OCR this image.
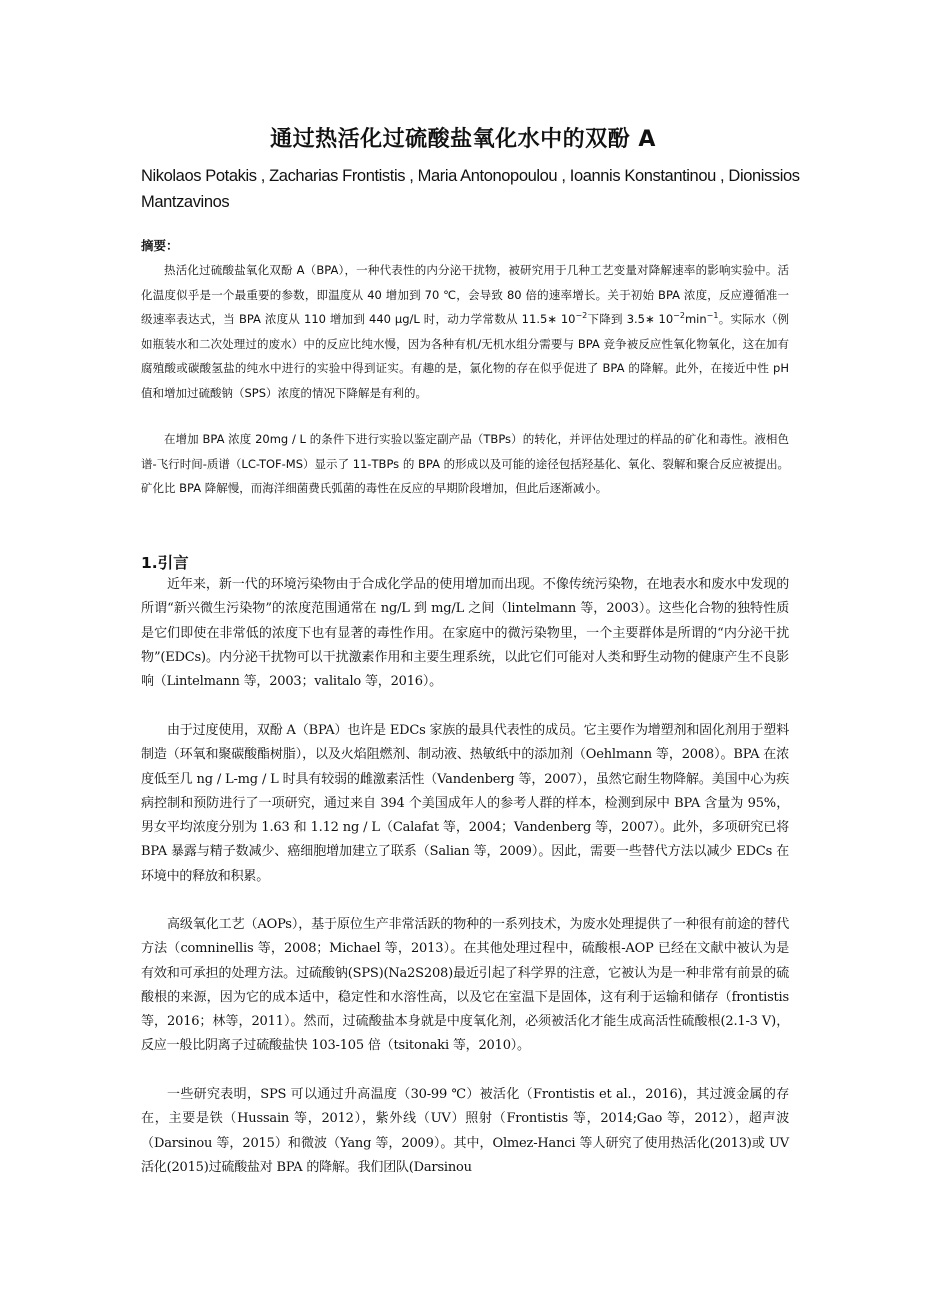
通过热活化过硫酸盐氧化水中的双酚 A
Nikolaos Potakis , Zacharias Frontistis , Maria Antonopoulou , Ioannis Konstantinou , Dionissios Mantzavinos
摘要：

热活化过硫酸盐氧化双酚 A（BPA），一种代表性的内分泌干扰物，被研究用于几种工艺变量对降解速率的影响实验中。活化温度似乎是一个最重要的参数，即温度从 40 增加到 70 ℃，会导致 80 倍的速率增长。关于初始 BPA 浓度，反应遵循准一级速率表达式，当 BPA 浓度从 110 增加到 440 μg/L 时，动力学常数从 11.5∗ $10^{-2}$下降到 3.5∗ $10^{-2}\min^{-1}$。实际水（例如瓶装水和二次处理过的废水）中的反应比纯水慢，因为各种有机/无机水组分需要与 BPA 竞争被反应性氧化物氧化，这在加有腐殖酸或碳酸氢盐的纯水中进行的实验中得到证实。有趣的是，氯化物的存在似乎促进了 BPA 的降解。此外，在接近中性 pH 值和增加过硫酸钠（SPS）浓度的情况下降解是有利的。

在增加 BPA 浓度 20mg / L 的条件下进行实验以鉴定副产品（TBPs）的转化，并评估处理过的样品的矿化和毒性。液相色谱-飞行时间-质谱（LC-TOF-MS）显示了 11-TBPs 的 BPA 的形成以及可能的途径包括羟基化、氧化、裂解和聚合反应被提出。矿化比 BPA 降解慢，而海洋细菌费氏弧菌的毒性在反应的早期阶段增加，但此后逐渐减小。

1.引言

近年来，新一代的环境污染物由于合成化学品的使用增加而出现。不像传统污染物，在地表水和废水中发现的所谓“新兴微生污染物”的浓度范围通常在 ng/L 到 mg/L 之间（lintelmann 等，2003）。这些化合物的独特性质是它们即使在非常低的浓度下也有显著的毒性作用。在家庭中的微污染物里，一个主要群体是所谓的“内分泌干扰物”(EDCs)。内分泌干扰物可以干扰激素作用和主要生理系统，以此它们可能对人类和野生动物的健康产生不良影响（Lintelmann 等，2003；valitalo 等，2016）。

由于过度使用，双酚 A（BPA）也许是 EDCs 家族的最具代表性的成员。它主要作为增塑剂和固化剂用于塑料制造（环氧和聚碳酸酯树脂），以及火焰阻燃剂、制动液、热敏纸中的添加剂（Oehlmann 等，2008）。BPA 在浓度低至几 ng / L-mg / L 时具有较弱的雌激素活性（Vandenberg 等，2007），虽然它耐生物降解。美国中心为疾病控制和预防进行了一项研究，通过来自 394 个美国成年人的参考人群的样本，检测到尿中 BPA 含量为 95%，男女平均浓度分别为 1.63 和 1.12 ng / L（Calafat 等，2004；Vandenberg 等，2007）。此外，多项研究已将 BPA 暴露与精子数减少、癌细胞增加建立了联系（Salian 等，2009）。因此，需要一些替代方法以减少 EDCs 在环境中的释放和积累。

高级氧化工艺（AOPs），基于原位生产非常活跃的物种的一系列技术，为废水处理提供了一种很有前途的替代方法（comninellis 等，2008；Michael 等，2013）。在其他处理过程中，硫酸根-AOP 已经在文献中被认为是有效和可承担的处理方法。过硫酸钠(SPS)(Na2S208)最近引起了科学界的注意，它被认为是一种非常有前景的硫酸根的来源，因为它的成本适中，稳定性和水溶性高，以及它在室温下是固体，这有利于运输和储存（frontistis 等，2016；林等，2011）。然而，过硫酸盐本身就是中度氧化剂，必须被活化才能生成高活性硫酸根(2.1-3 V)，反应一般比阴离子过硫酸盐快 103-105 倍（tsitonaki 等，2010）。

一些研究表明，SPS 可以通过升高温度（30-99 ℃）被活化（Frontistis et al.，2016)，其过渡金属的存在，主要是铁（Hussain 等，2012），紫外线（UV）照射（Frontistis 等，2014;Gao 等，2012），超声波（Darsinou 等，2015）和微波（Yang 等，2009）。其中，Olmez-Hanci 等人研究了使用热活化(2013)或 UV 活化(2015)过硫酸盐对 BPA 的降解。我们团队(Darsinou
